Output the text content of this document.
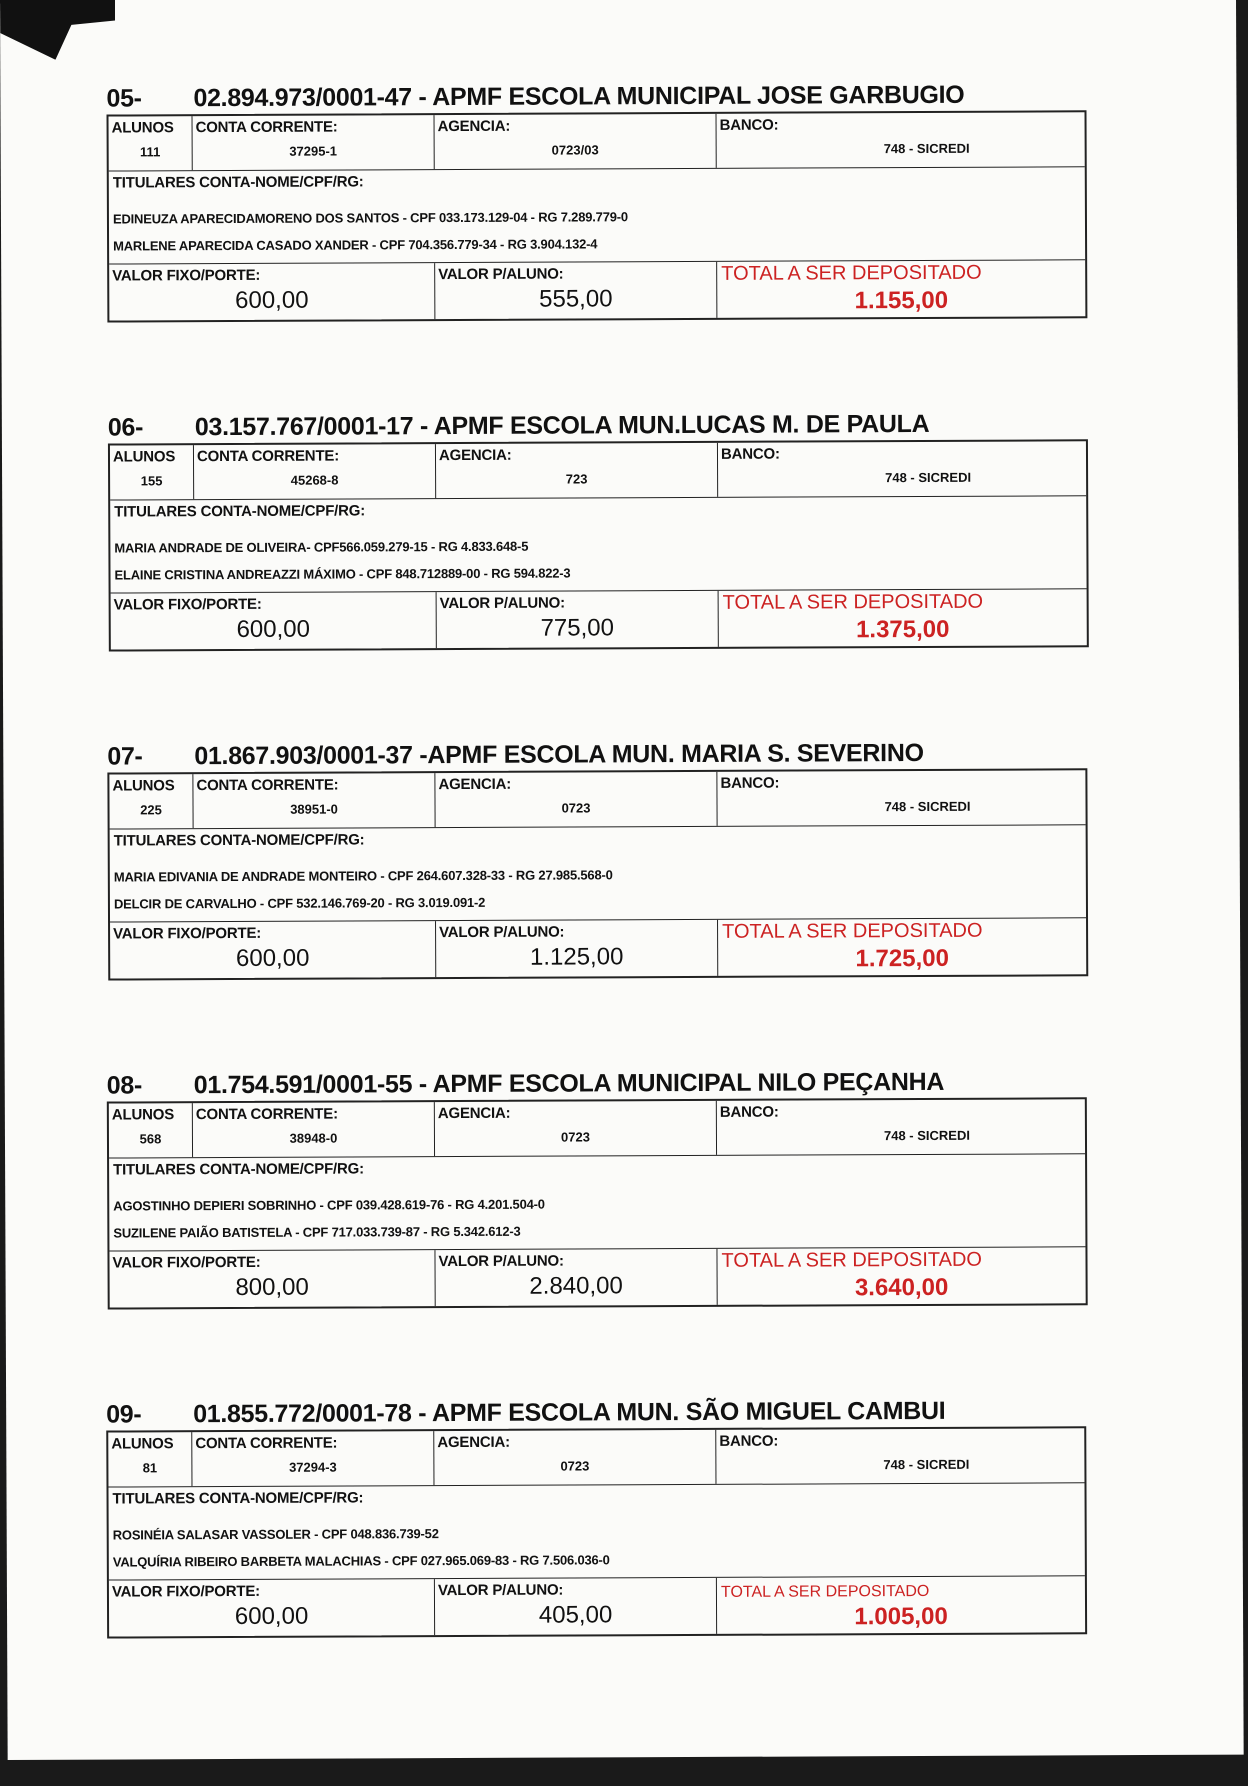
05- 02.894.973/0001-47 - APMF ESCOLA MUNICIPAL JOSE GARBUGIO
ALUNOS
111
CONTA CORRENTE:
37295-1
AGENCIA:
0723/03
BANCO:
748 - SICREDI
TITULARES CONTA-NOME/CPF/RG:
EDINEUZA APARECIDAMORENO DOS SANTOS - CPF 033.173.129-04 - RG 7.289.779-0
MARLENE APARECIDA CASADO XANDER - CPF 704.356.779-34 - RG 3.904.132-4
VALOR FIXO/PORTE:
600,00
VALOR P/ALUNO:
555,00
TOTAL A SER DEPOSITADO
1.155,00
06- 03.157.767/0001-17 - APMF ESCOLA MUN.LUCAS M. DE PAULA
ALUNOS
155
CONTA CORRENTE:
45268-8
AGENCIA:
723
BANCO:
748 - SICREDI
TITULARES CONTA-NOME/CPF/RG:
MARIA ANDRADE DE OLIVEIRA- CPF566.059.279-15 - RG 4.833.648-5
ELAINE CRISTINA ANDREAZZI MÁXIMO - CPF 848.712889-00 - RG 594.822-3
VALOR FIXO/PORTE:
600,00
VALOR P/ALUNO:
775,00
TOTAL A SER DEPOSITADO
1.375,00
07- 01.867.903/0001-37 -APMF ESCOLA MUN. MARIA S. SEVERINO
ALUNOS
225
CONTA CORRENTE:
38951-0
AGENCIA:
0723
BANCO:
748 - SICREDI
TITULARES CONTA-NOME/CPF/RG:
MARIA EDIVANIA DE ANDRADE MONTEIRO - CPF 264.607.328-33 - RG 27.985.568-0
DELCIR DE CARVALHO - CPF 532.146.769-20 - RG 3.019.091-2
VALOR FIXO/PORTE:
600,00
VALOR P/ALUNO:
1.125,00
TOTAL A SER DEPOSITADO
1.725,00
08- 01.754.591/0001-55 - APMF ESCOLA MUNICIPAL NILO PEÇANHA
ALUNOS
568
CONTA CORRENTE:
38948-0
AGENCIA:
0723
BANCO:
748 - SICREDI
TITULARES CONTA-NOME/CPF/RG:
AGOSTINHO DEPIERI SOBRINHO - CPF 039.428.619-76 - RG 4.201.504-0
SUZILENE PAIÃO BATISTELA - CPF 717.033.739-87 - RG 5.342.612-3
VALOR FIXO/PORTE:
800,00
VALOR P/ALUNO:
2.840,00
TOTAL A SER DEPOSITADO
3.640,00
09- 01.855.772/0001-78 - APMF ESCOLA MUN. SÃO MIGUEL CAMBUI
ALUNOS
81
CONTA CORRENTE:
37294-3
AGENCIA:
0723
BANCO:
748 - SICREDI
TITULARES CONTA-NOME/CPF/RG:
ROSINÉIA SALASAR VASSOLER - CPF 048.836.739-52
VALQUÍRIA RIBEIRO BARBETA MALACHIAS - CPF 027.965.069-83 - RG 7.506.036-0
VALOR FIXO/PORTE:
600,00
VALOR P/ALUNO:
405,00
TOTAL A SER DEPOSITADO
1.005,00
